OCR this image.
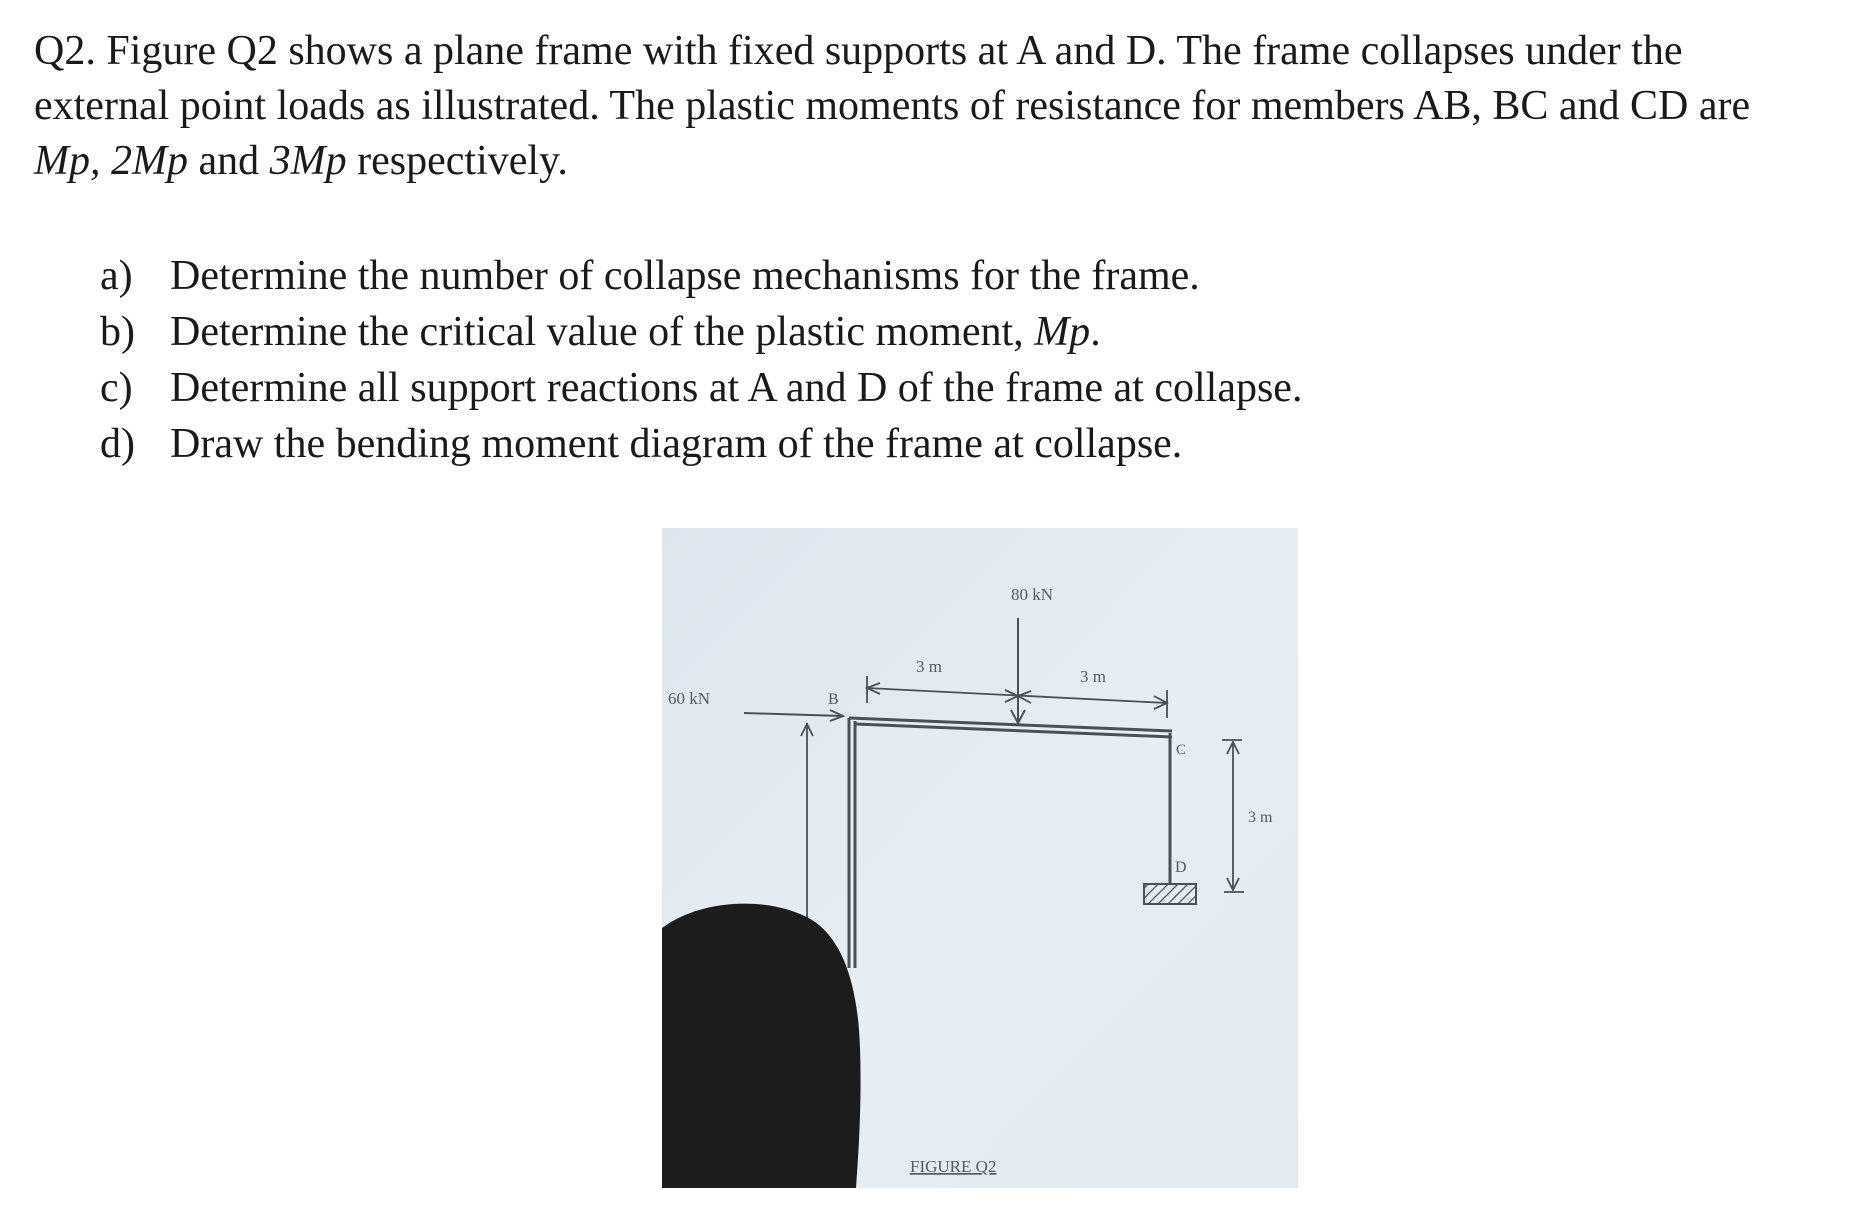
Q2. Figure Q2 shows a plane frame with fixed supports at A and D. The frame collapses under the external point loads as illustrated. The plastic moments of resistance for members AB, BC and CD are Mp, 2Mp and 3Mp respectively.

a) Determine the number of collapse mechanisms for the frame.
b) Determine the critical value of the plastic moment, Mp.
c) Determine all support reactions at A and D of the frame at collapse.
d) Draw the bending moment diagram of the frame at collapse.
80 kN
60 kN
3 m
3 m
3 m
B
C
D
FIGURE Q2
